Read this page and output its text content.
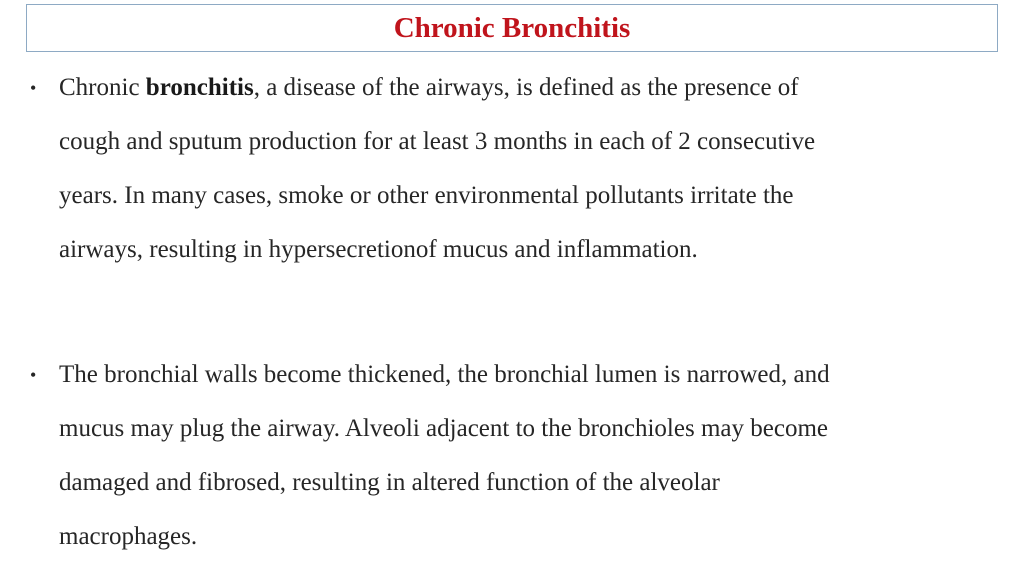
Chronic Bronchitis
• Chronic bronchitis, a disease of the airways, is defined as the presence of
cough and sputum production for at least 3 months in each of 2 consecutive
years. In many cases, smoke or other environmental pollutants irritate the
airways, resulting in hypersecretionof mucus and inflammation.
• The bronchial walls become thickened, the bronchial lumen is narrowed, and
mucus may plug the airway. Alveoli adjacent to the bronchioles may become
damaged and fibrosed, resulting in altered function of the alveolar
macrophages.
